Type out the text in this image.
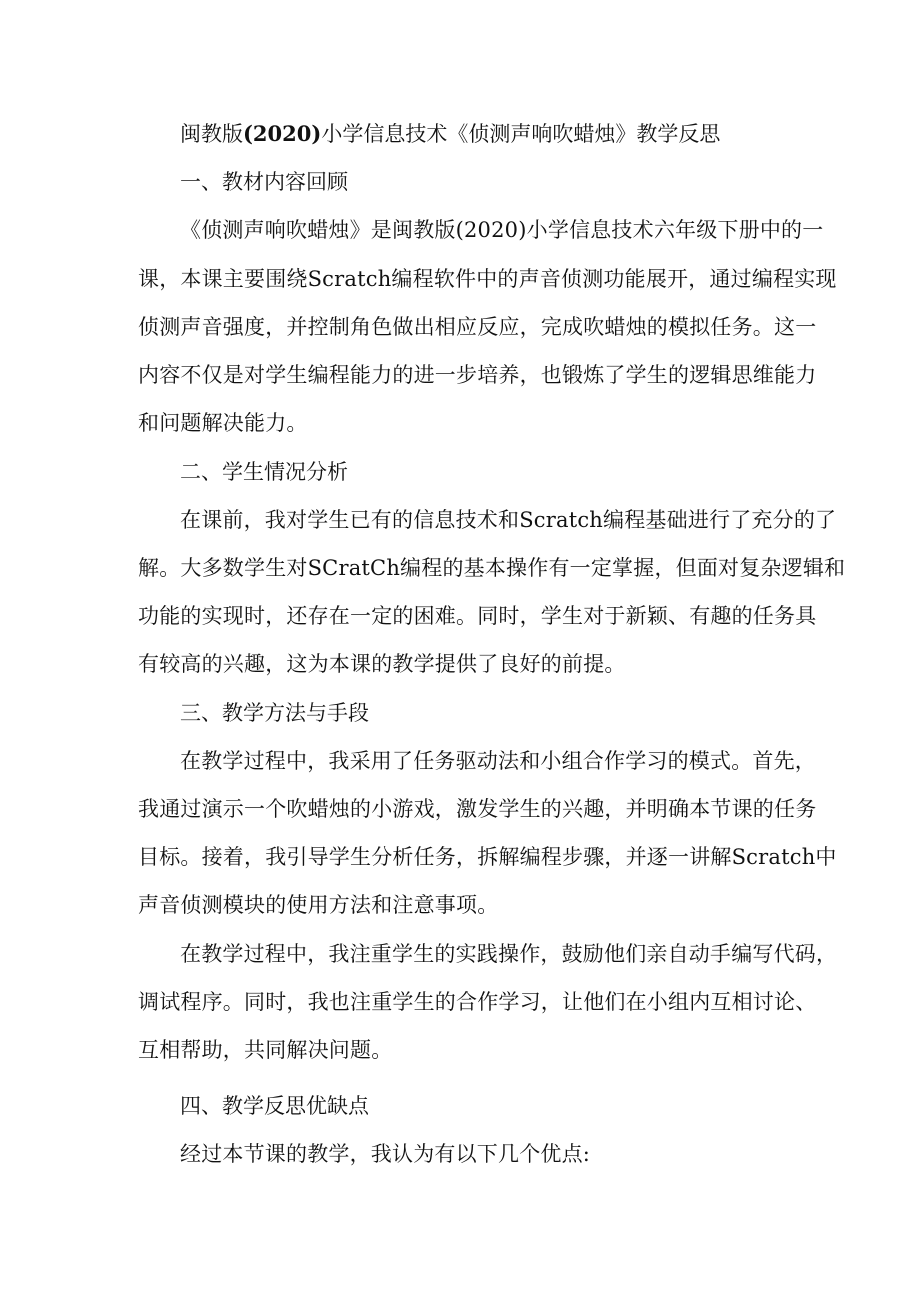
闽教版(2020)小学信息技术《侦测声响吹蜡烛》教学反思
一、教材内容回顾
《侦测声响吹蜡烛》是闽教版(2020)小学信息技术六年级下册中的一
课，本课主要围绕Scratch编程软件中的声音侦测功能展开，通过编程实现
侦测声音强度，并控制角色做出相应反应，完成吹蜡烛的模拟任务。这一
内容不仅是对学生编程能力的进一步培养，也锻炼了学生的逻辑思维能力
和问题解决能力。
二、学生情况分析
在课前，我对学生已有的信息技术和Scratch编程基础进行了充分的了
解。大多数学生对SCratCh编程的基本操作有一定掌握，但面对复杂逻辑和
功能的实现时，还存在一定的困难。同时，学生对于新颖、有趣的任务具
有较高的兴趣，这为本课的教学提供了良好的前提。
三、教学方法与手段
在教学过程中，我采用了任务驱动法和小组合作学习的模式。首先，
我通过演示一个吹蜡烛的小游戏，激发学生的兴趣，并明确本节课的任务
目标。接着，我引导学生分析任务，拆解编程步骤，并逐一讲解Scratch中
声音侦测模块的使用方法和注意事项。
在教学过程中，我注重学生的实践操作，鼓励他们亲自动手编写代码，
调试程序。同时，我也注重学生的合作学习，让他们在小组内互相讨论、
互相帮助，共同解决问题。
四、教学反思优缺点
经过本节课的教学，我认为有以下几个优点:
